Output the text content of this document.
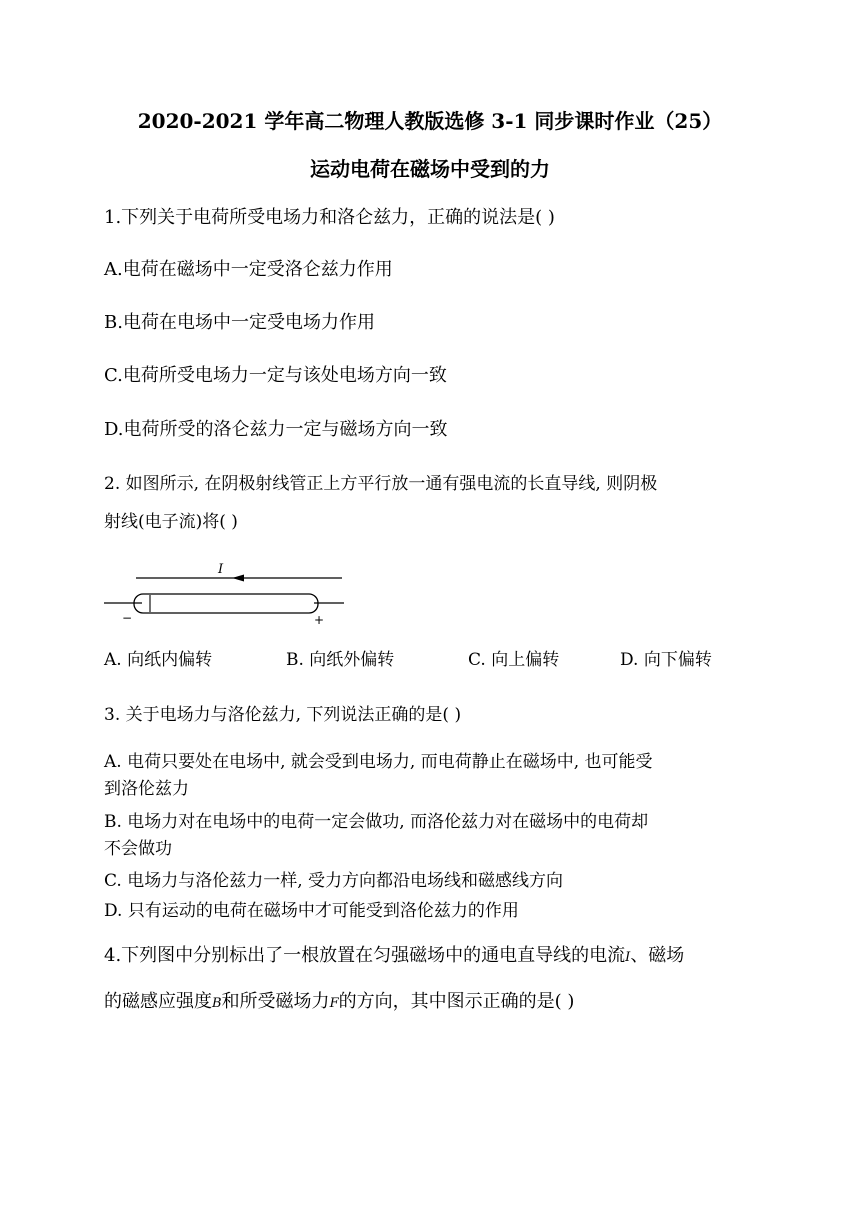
2020-2021 学年高二物理人教版选修 3-1 同步课时作业（25）
运动电荷在磁场中受到的力
1.下列关于电荷所受电场力和洛仑兹力，正确的说法是( )
A.电荷在磁场中一定受洛仑兹力作用
B.电荷在电场中一定受电场力作用
C.电荷所受电场力一定与该处电场方向一致
D.电荷所受的洛仑兹力一定与磁场方向一致
2. 如图所示, 在阴极射线管正上方平行放一通有强电流的长直导线, 则阴极
射线(电子流)将( )
I
−	+
A. 向纸内偏转	B. 向纸外偏转	C. 向上偏转	D. 向下偏转
3. 关于电场力与洛伦兹力, 下列说法正确的是( )
A. 电荷只要处在电场中, 就会受到电场力, 而电荷静止在磁场中, 也可能受
到洛伦兹力
B. 电场力对在电场中的电荷一定会做功, 而洛伦兹力对在磁场中的电荷却
不会做功
C. 电场力与洛伦兹力一样, 受力方向都沿电场线和磁感线方向
D. 只有运动的电荷在磁场中才可能受到洛伦兹力的作用
4.下列图中分别标出了一根放置在匀强磁场中的通电直导线的电流I、磁场
的磁感应强度B和所受磁场力F的方向，其中图示正确的是( )
